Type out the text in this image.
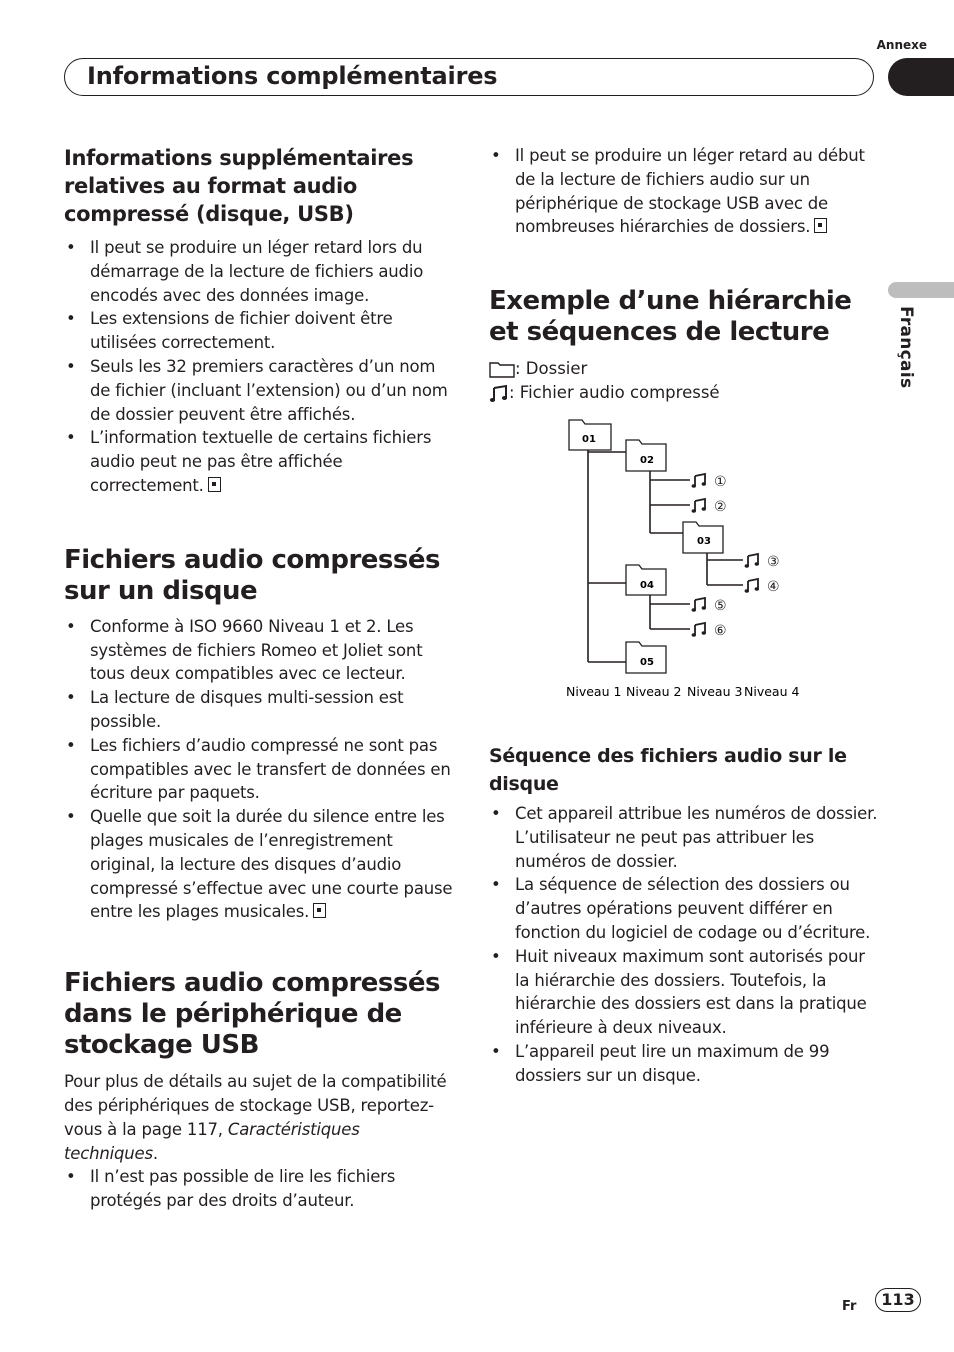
Annexe
Informations complémentaires
Français
Informations supplémentaires relatives au format audio compressé (disque, USB)
• Il peut se produire un léger retard lors du démarrage de la lecture de fichiers audio encodés avec des données image.
• Les extensions de fichier doivent être utilisées correctement.
• Seuls les 32 premiers caractères d’un nom de fichier (incluant l’extension) ou d’un nom de dossier peuvent être affichés.
• L’information textuelle de certains fichiers audio peut ne pas être affichée correctement.
Fichiers audio compressés sur un disque
• Conforme à ISO 9660 Niveau 1 et 2. Les systèmes de fichiers Romeo et Joliet sont tous deux compatibles avec ce lecteur.
• La lecture de disques multi-session est possible.
• Les fichiers d’audio compressé ne sont pas compatibles avec le transfert de données en écriture par paquets.
• Quelle que soit la durée du silence entre les plages musicales de l’enregistrement original, la lecture des disques d’audio compressé s’effectue avec une courte pause entre les plages musicales.
Fichiers audio compressés dans le périphérique de stockage USB

Pour plus de détails au sujet de la compatibilité des périphériques de stockage USB, reportez-vous à la page 117, Caractéristiques techniques.

• Il n’est pas possible de lire les fichiers protégés par des droits d’auteur.
• Il peut se produire un léger retard au début de la lecture de fichiers audio sur un périphérique de stockage USB avec de nombreuses hiérarchies de dossiers.
Exemple d’une hiérarchie et séquences de lecture
: Dossier
: Fichier audio compressé
01
02
03
04
05
①
②
③
④
⑤
⑥
Niveau 1 Niveau 2 Niveau 3 Niveau 4
Séquence des fichiers audio sur le disque
• Cet appareil attribue les numéros de dossier. L’utilisateur ne peut pas attribuer les numéros de dossier.
• La séquence de sélection des dossiers ou d’autres opérations peuvent différer en fonction du logiciel de codage ou d’écriture.
• Huit niveaux maximum sont autorisés pour la hiérarchie des dossiers. Toutefois, la hiérarchie des dossiers est dans la pratique inférieure à deux niveaux.
• L’appareil peut lire un maximum de 99 dossiers sur un disque.
Fr	113
